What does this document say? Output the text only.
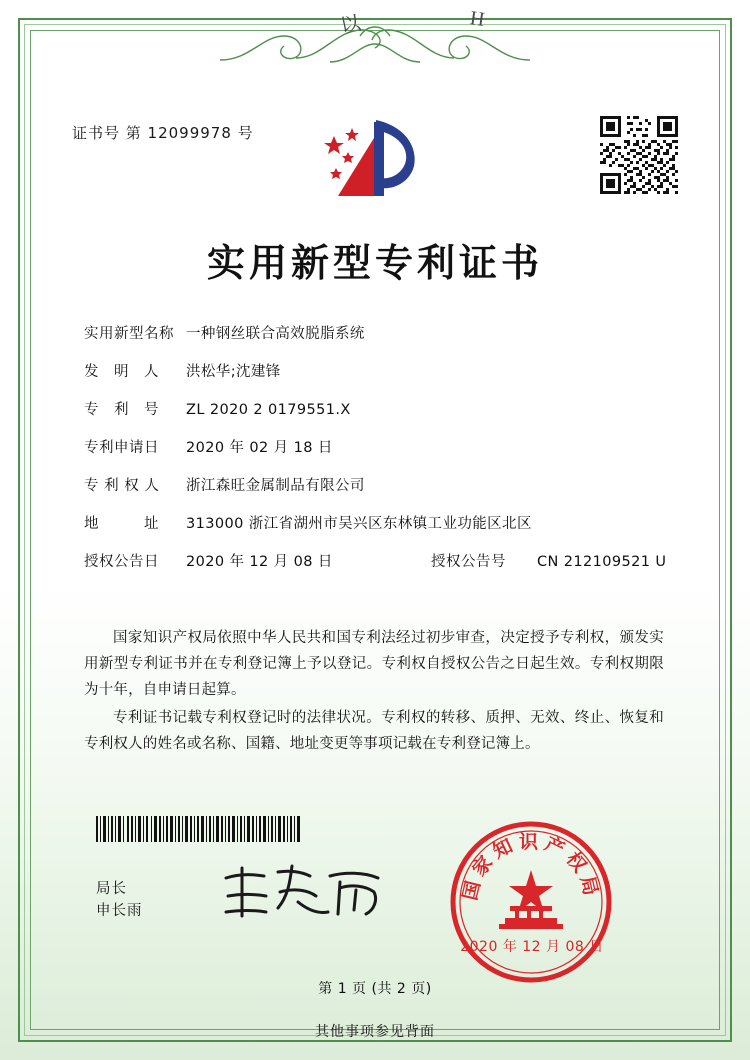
以	H
证书号 第 12099978 号
实用新型专利证书
实用新型名称 一种钢丝联合高效脱脂系统
发　明　人	洪松华;沈建锋
专　利　号	ZL 2020 2 0179551.X
专利申请日	2020 年 02 月 18 日
专 利 权 人	浙江森旺金属制品有限公司
地　　　址	313000 浙江省湖州市吴兴区东林镇工业功能区北区
授权公告日	2020 年 12 月 08 日	授权公告号	CN 212109521 U

国家知识产权局依照中华人民共和国专利法经过初步审查，决定授予专利权，颁发实用新型专利证书并在专利登记簿上予以登记。专利权自授权公告之日起生效。专利权期限为十年，自申请日起算。

专利证书记载专利权登记时的法律状况。专利权的转移、质押、无效、终止、恢复和专利权人的姓名或名称、国籍、地址变更等事项记载在专利登记簿上。

局长
申长雨
国家知识产权局
2020 年 12 月 08 日
第 1 页 (共 2 页)
其他事项参见背面
